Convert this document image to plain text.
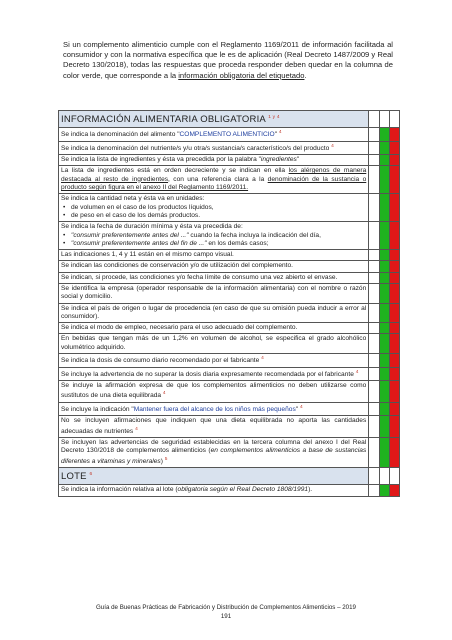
Si un complemento alimenticio cumple con el Reglamento 1169/2011 de información facilitada al consumidor y con la normativa específica que le es de aplicación (Real Decreto 1487/2009 y Real Decreto 130/2018), todas las respuestas que proceda responder deben quedar en la columna de color verde, que corresponde a la información obligatoria del etiquetado.
INFORMACIÓN ALIMENTARIA OBLIGATORIA $^{1 y 4}$			
Se indica la denominación del alimento "COMPLEMENTO ALIMENTICIO" $^4$			
Se indica la denominación del nutriente/s y/u otra/s sustancia/s característico/s del producto $^4$			
Se indica la lista de ingredientes y ésta va precedida por la palabra "ingredientes"			
La lista de ingredientes está en orden decreciente y se indican en ella los alérgenos de manera destacada al resto de ingredientes, con una referencia clara a la denominación de la sustancia o producto según figura en el anexo II del Reglamento 1169/2011.			
Se indica la cantidad neta y ésta va en unidades:
• de volumen en el caso de los productos líquidos,
• de peso en el caso de los demás productos.

Se indica la fecha de duración mínima y ésta va precedida de:
• "consumir preferentemente antes del ..." cuando la fecha incluya la indicación del día,
• "consumir preferentemente antes del fin de ..." en los demás casos;

Las indicaciones 1, 4 y 11 están en el mismo campo visual.			
Se indican las condiciones de conservación y/o de utilización del complemento.			
Se indican, si procede, las condiciones y/o fecha límite de consumo una vez abierto el envase.			
Se identifica la empresa (operador responsable de la información alimentaria) con el nombre o razón social y domicilio.			
Se indica el país de origen o lugar de procedencia (en caso de que su omisión pueda inducir a error al consumidor).			
Se indica el modo de empleo, necesario para el uso adecuado del complemento.			
En bebidas que tengan más de un 1,2% en volumen de alcohol, se especifica el grado alcohólico volumétrico adquirido.			
Se indica la dosis de consumo diario recomendado por el fabricante $^4$			
Se incluye la advertencia de no superar la dosis diaria expresamente recomendada por el fabricante $^4$			
Se incluye la afirmación expresa de que los complementos alimenticios no deben utilizarse como sustitutos de una dieta equilibrada $^4$			
Se incluye la indicación "Mantener fuera del alcance de los niños más pequeños" $^4$			
No se incluyen afirmaciones que indiquen que una dieta equilibrada no aporta las cantidades adecuadas de nutrientes $^4$			
Se incluyen las advertencias de seguridad establecidas en la tercera columna del anexo I del Real Decreto 130/2018 de complementos alimenticios (en complementos alimenticios a base de sustancias diferentes a vitaminas y minerales) $^5$			
LOTE $^6$			
Se indica la información relativa al lote (obligatoria según el Real Decreto 1808/1991).			
Guía de Buenas Prácticas de Fabricación y Distribución de Complementos Alimenticios – 2019
191
